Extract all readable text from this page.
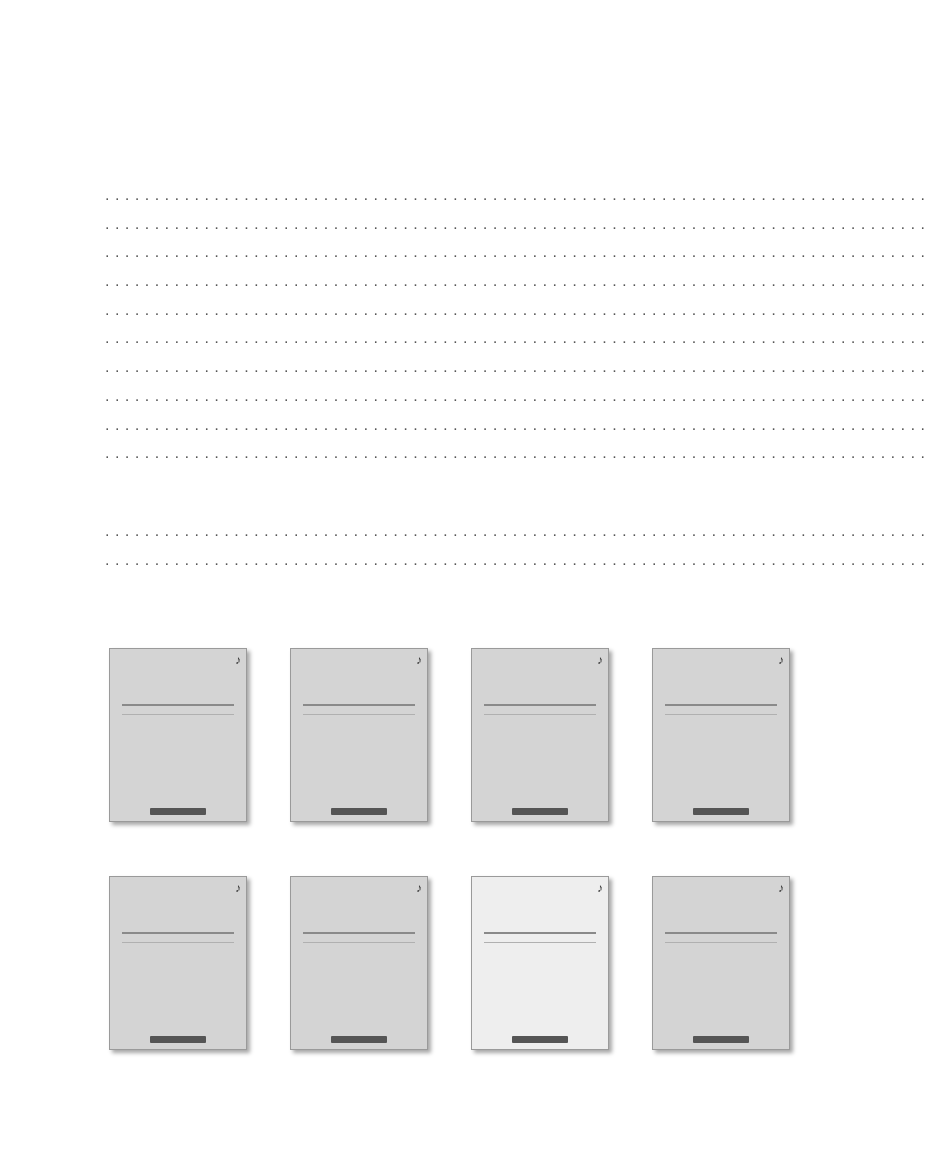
...................................................................................
...................................................................................
...................................................................................
...................................................................................
...................................................................................
...................................................................................
...................................................................................
...................................................................................
...................................................................................
...................................................................................
...................................................................................
...................................................................................
♪	♪	♪	♪
♪	♪	♪	♪
